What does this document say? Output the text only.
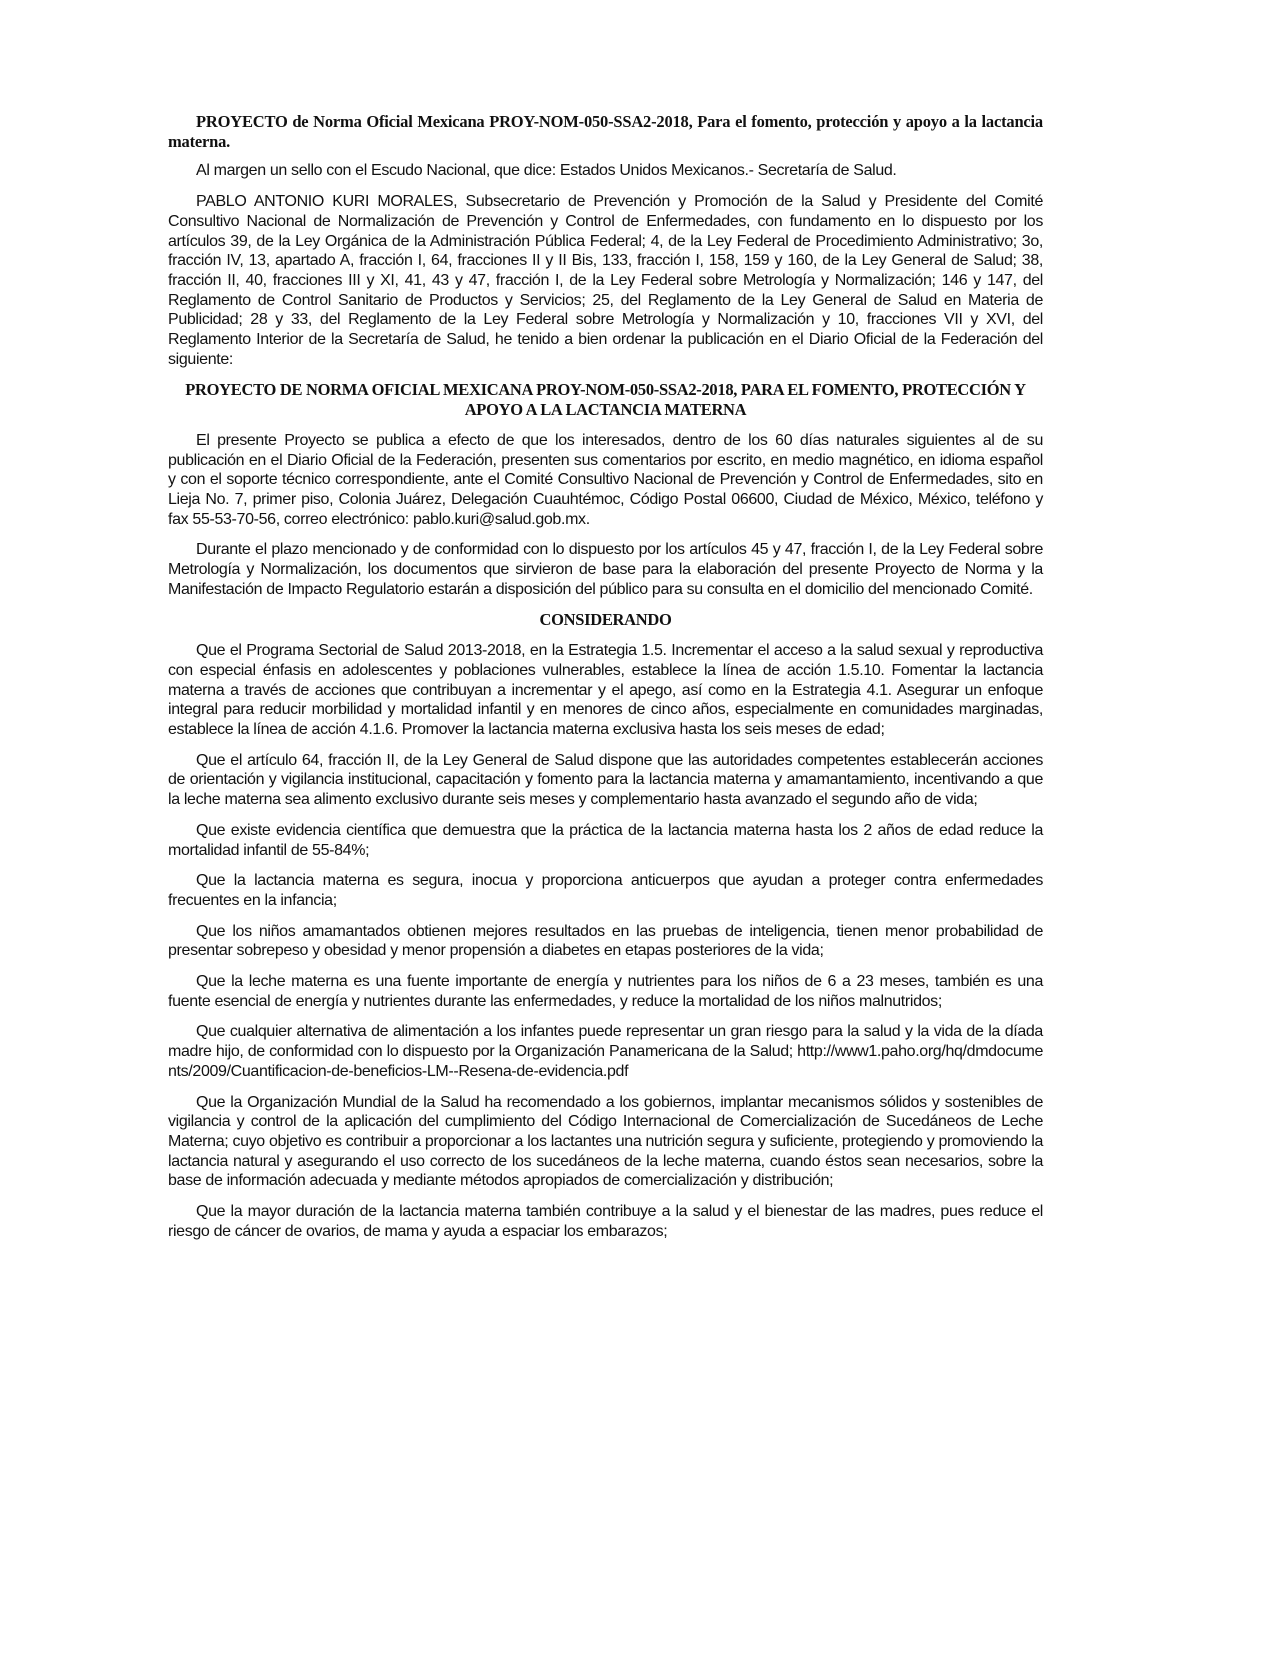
PROYECTO de Norma Oficial Mexicana PROY-NOM-050-SSA2-2018, Para el fomento, protección y apoyo a la lactancia materna.

Al margen un sello con el Escudo Nacional, que dice: Estados Unidos Mexicanos.- Secretaría de Salud.

PABLO ANTONIO KURI MORALES, Subsecretario de Prevención y Promoción de la Salud y Presidente del Comité Consultivo Nacional de Normalización de Prevención y Control de Enfermedades, con fundamento en lo dispuesto por los artículos 39, de la Ley Orgánica de la Administración Pública Federal; 4, de la Ley Federal de Procedimiento Administrativo; 3o, fracción IV, 13, apartado A, fracción I, 64, fracciones II y II Bis, 133, fracción I, 158, 159 y 160, de la Ley General de Salud; 38, fracción II, 40, fracciones III y XI, 41, 43 y 47, fracción I, de la Ley Federal sobre Metrología y Normalización; 146 y 147, del Reglamento de Control Sanitario de Productos y Servicios; 25, del Reglamento de la Ley General de Salud en Materia de Publicidad; 28 y 33, del Reglamento de la Ley Federal sobre Metrología y Normalización y 10, fracciones VII y XVI, del Reglamento Interior de la Secretaría de Salud, he tenido a bien ordenar la publicación en el Diario Oficial de la Federación del siguiente:

PROYECTO DE NORMA OFICIAL MEXICANA PROY-NOM-050-SSA2-2018, PARA EL FOMENTO, PROTECCIÓN Y APOYO A LA LACTANCIA MATERNA

El presente Proyecto se publica a efecto de que los interesados, dentro de los 60 días naturales siguientes al de su publicación en el Diario Oficial de la Federación, presenten sus comentarios por escrito, en medio magnético, en idioma español y con el soporte técnico correspondiente, ante el Comité Consultivo Nacional de Prevención y Control de Enfermedades, sito en Lieja No. 7, primer piso, Colonia Juárez, Delegación Cuauhtémoc, Código Postal 06600, Ciudad de México, México, teléfono y fax 55-53-70-56, correo electrónico: pablo.kuri@salud.gob.mx.

Durante el plazo mencionado y de conformidad con lo dispuesto por los artículos 45 y 47, fracción I, de la Ley Federal sobre Metrología y Normalización, los documentos que sirvieron de base para la elaboración del presente Proyecto de Norma y la Manifestación de Impacto Regulatorio estarán a disposición del público para su consulta en el domicilio del mencionado Comité.

CONSIDERANDO

Que el Programa Sectorial de Salud 2013-2018, en la Estrategia 1.5. Incrementar el acceso a la salud sexual y reproductiva con especial énfasis en adolescentes y poblaciones vulnerables, establece la línea de acción 1.5.10. Fomentar la lactancia materna a través de acciones que contribuyan a incrementar y el apego, así como en la Estrategia 4.1. Asegurar un enfoque integral para reducir morbilidad y mortalidad infantil y en menores de cinco años, especialmente en comunidades marginadas, establece la línea de acción 4.1.6. Promover la lactancia materna exclusiva hasta los seis meses de edad;

Que el artículo 64, fracción II, de la Ley General de Salud dispone que las autoridades competentes establecerán acciones de orientación y vigilancia institucional, capacitación y fomento para la lactancia materna y amamantamiento, incentivando a que la leche materna sea alimento exclusivo durante seis meses y complementario hasta avanzado el segundo año de vida;

Que existe evidencia científica que demuestra que la práctica de la lactancia materna hasta los 2 años de edad reduce la mortalidad infantil de 55-84%;

Que la lactancia materna es segura, inocua y proporciona anticuerpos que ayudan a proteger contra enfermedades frecuentes en la infancia;

Que los niños amamantados obtienen mejores resultados en las pruebas de inteligencia, tienen menor probabilidad de presentar sobrepeso y obesidad y menor propensión a diabetes en etapas posteriores de la vida;

Que la leche materna es una fuente importante de energía y nutrientes para los niños de 6 a 23 meses, también es una fuente esencial de energía y nutrientes durante las enfermedades, y reduce la mortalidad de los niños malnutridos;

Que cualquier alternativa de alimentación a los infantes puede representar un gran riesgo para la salud y la vida de la díada madre hijo, de conformidad con lo dispuesto por la Organización Panamericana de la Salud; http://www1.paho.org/hq/dmdocuments/2009/Cuantificacion-de-beneficios-LM--Resena-de-evidencia.pdf

Que la Organización Mundial de la Salud ha recomendado a los gobiernos, implantar mecanismos sólidos y sostenibles de vigilancia y control de la aplicación del cumplimiento del Código Internacional de Comercialización de Sucedáneos de Leche Materna; cuyo objetivo es contribuir a proporcionar a los lactantes una nutrición segura y suficiente, protegiendo y promoviendo la lactancia natural y asegurando el uso correcto de los sucedáneos de la leche materna, cuando éstos sean necesarios, sobre la base de información adecuada y mediante métodos apropiados de comercialización y distribución;

Que la mayor duración de la lactancia materna también contribuye a la salud y el bienestar de las madres, pues reduce el riesgo de cáncer de ovarios, de mama y ayuda a espaciar los embarazos;
